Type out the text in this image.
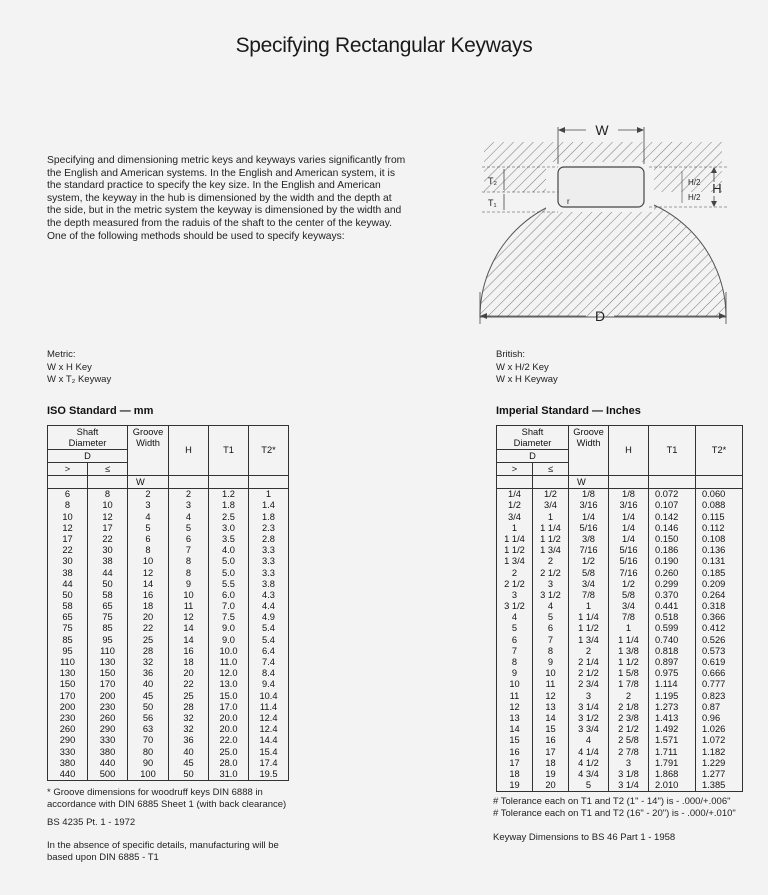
Specifying Rectangular Keyways
Specifying and dimensioning metric keys and keyways varies significantly from the English and American systems. In the English and American system, it is the standard practice to specify the key size. In the English and American system, the keyway in the hub is dimensioned by the width and the depth at the side, but in the metric system the keyway is dimensioned by the width and the depth measured from the raduis of the shaft to the center of the keyway. One of the following methods should be used to specify keyways:
W
H
H/2
H/2
T₂
T₁	r
D
Metric:
W x H Key
W x T₂ Keyway
British:
W x H/2 Key
W x H Keyway
ISO Standard — mm
Shaft Diameter		Groove Width	H	T1	T2*
D					
>	≤				
		W			
6	8	2	2	1.2	1
8	10	3	3	1.8	1.4
10	12	4	4	2.5	1.8
12	17	5	5	3.0	2.3
17	22	6	6	3.5	2.8
22	30	8	7	4.0	3.3
30	38	10	8	5.0	3.3
38	44	12	8	5.0	3.3
44	50	14	9	5.5	3.8
50	58	16	10	6.0	4.3
58	65	18	11	7.0	4.4
65	75	20	12	7.5	4.9
75	85	22	14	9.0	5.4
85	95	25	14	9.0	5.4
95	110	28	16	10.0	6.4
110	130	32	18	11.0	7.4
130	150	36	20	12.0	8.4
150	170	40	22	13.0	9.4
170	200	45	25	15.0	10.4
200	230	50	28	17.0	11.4
230	260	56	32	20.0	12.4
260	290	63	32	20.0	12.4
290	330	70	36	22.0	14.4
330	380	80	40	25.0	15.4
380	440	90	45	28.0	17.4
440	500	100	50	31.0	19.5
* Groove dimensions for woodruff keys DIN 6888 in accordance with DIN 6885 Sheet 1 (with back clearance)
BS 4235 Pt. 1 - 1972
In the absence of specific details, manufacturing will be based upon DIN 6885 - T1
Imperial Standard — Inches
Shaft Diameter		Groove Width	H	T1	T2*
D					
>	≤				
		W			
1/4	1/2	1/8	1/8	0.072	0.060
1/2	3/4	3/16	3/16	0.107	0.088
3/4	1	1/4	1/4	0.142	0.115
1	1 1/4	5/16	1/4	0.146	0.112
1 1/4	1 1/2	3/8	1/4	0.150	0.108
1 1/2	1 3/4	7/16	5/16	0.186	0.136
1 3/4	2	1/2	5/16	0.190	0.131
2	2 1/2	5/8	7/16	0.260	0.185
2 1/2	3	3/4	1/2	0.299	0.209
3	3 1/2	7/8	5/8	0.370	0.264
3 1/2	4	1	3/4	0.441	0.318
4	5	1 1/4	7/8	0.518	0.366
5	6	1 1/2	1	0.599	0.412
6	7	1 3/4	1 1/4	0.740	0.526
7	8	2	1 3/8	0.818	0.573
8	9	2 1/4	1 1/2	0.897	0.619
9	10	2 1/2	1 5/8	0.975	0.666
10	11	2 3/4	1 7/8	1.114	0.777
11	12	3	2	1.195	0.823
12	13	3 1/4	2 1/8	1.273	0.87
13	14	3 1/2	2 3/8	1.413	0.96
14	15	3 3/4	2 1/2	1.492	1.026
15	16	4	2 5/8	1.571	1.072
16	17	4 1/4	2 7/8	1.711	1.182
17	18	4 1/2	3	1.791	1.229
18	19	4 3/4	3 1/8	1.868	1.277
19	20	5	3 1/4	2.010	1.385
# Tolerance each on T1 and T2 (1" - 14") is - .000/+.006"
# Tolerance each on T1 and T2 (16" - 20") is - .000/+.010"
Keyway Dimensions to BS 46 Part 1 - 1958
